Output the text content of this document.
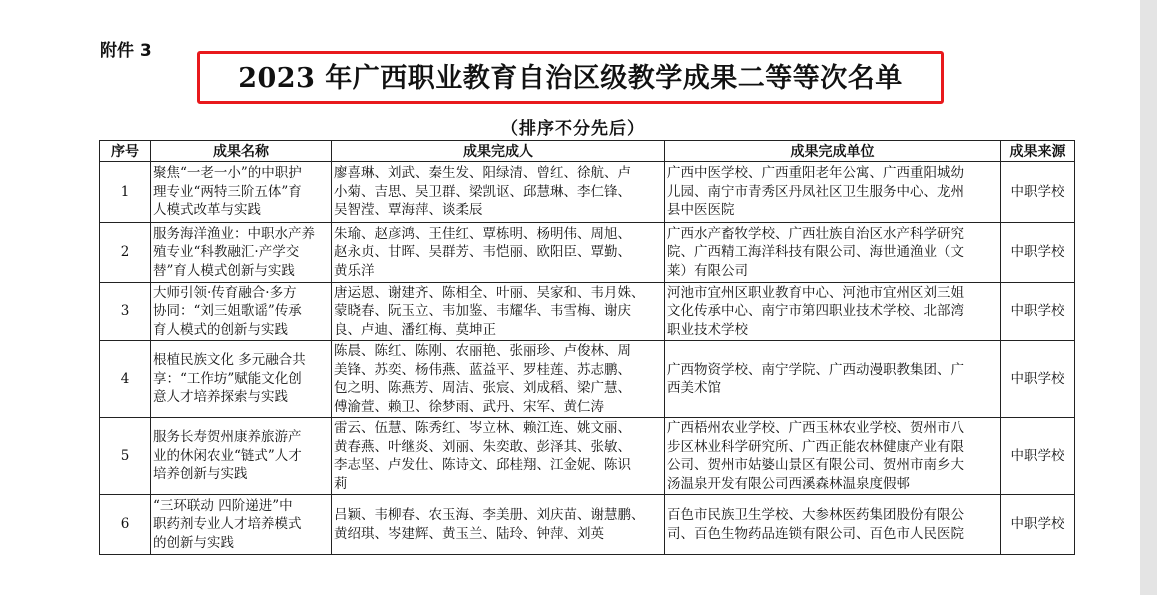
附件 3
2023 年广西职业教育自治区级教学成果二等等次名单
（排序不分先后）
序号	成果名称	成果完成人	成果完成单位	成果来源
1	聚焦“一老一小”的中职护
理专业“两特三阶五体”育
人模式改革与实践	廖喜琳、刘武、秦生发、阳绿清、曾红、徐航、卢
小菊、吉思、吴卫群、梁凯讴、邱慧琳、李仁锋、
吴智滢、覃海萍、谈柔辰	广西中医学校、广西重阳老年公寓、广西重阳城幼
儿园、南宁市青秀区丹凤社区卫生服务中心、龙州
县中医医院	中职学校
2	服务海洋渔业：中职水产养
殖专业“科教融汇·产学交
替”育人模式创新与实践	朱瑜、赵彦鸿、王佳红、覃栋明、杨明伟、周旭、
赵永贞、甘晖、吴群芳、韦恺丽、欧阳臣、覃勤、
黄乐洋	广西水产畜牧学校、广西壮族自治区水产科学研究
院、广西精工海洋科技有限公司、海世通渔业（文
莱）有限公司	中职学校
3	大师引领·传育融合·多方
协同：“刘三姐歌谣”传承
育人模式的创新与实践	唐运恩、谢建齐、陈相全、叶丽、吴家和、韦月姝、
蒙晓春、阮玉立、韦加鉴、韦耀华、韦雪梅、谢庆
良、卢迪、潘红梅、莫坤正	河池市宜州区职业教育中心、河池市宜州区刘三姐
文化传承中心、南宁市第四职业技术学校、北部湾
职业技术学校	中职学校
4	根植民族文化 多元融合共
享：“工作坊”赋能文化创
意人才培养探索与实践	陈晨、陈红、陈刚、农丽艳、张丽珍、卢俊林、周
美锋、苏奕、杨伟燕、蓝益平、罗桂莲、苏志鹏、
包之明、陈燕芳、周洁、张宸、刘成稻、梁广慧、
傅渝萱、赖卫、徐梦雨、武丹、宋军、黄仁涛	广西物资学校、南宁学院、广西动漫职教集团、广
西美术馆	中职学校
5	服务长寿贺州康养旅游产
业的休闲农业“链式”人才
培养创新与实践	雷云、伍慧、陈秀红、岑立林、赖江连、姚文丽、
黄春燕、叶继炎、刘丽、朱奕敢、彭泽其、张敏、
李志坚、卢发仕、陈诗文、邱桂翔、江金妮、陈识
莉	广西梧州农业学校、广西玉林农业学校、贺州市八
步区林业科学研究所、广西正能农林健康产业有限
公司、贺州市姑婆山景区有限公司、贺州市南乡大
汤温泉开发有限公司西溪森林温泉度假邨	中职学校
6	“三环联动 四阶递进”中
职药剂专业人才培养模式
的创新与实践	吕颖、韦柳春、农玉海、李美册、刘庆苗、谢慧鹏、
黄绍琪、岑建辉、黄玉兰、陆玲、钟萍、刘英	百色市民族卫生学校、大参林医药集团股份有限公
司、百色生物药品连锁有限公司、百色市人民医院	中职学校
